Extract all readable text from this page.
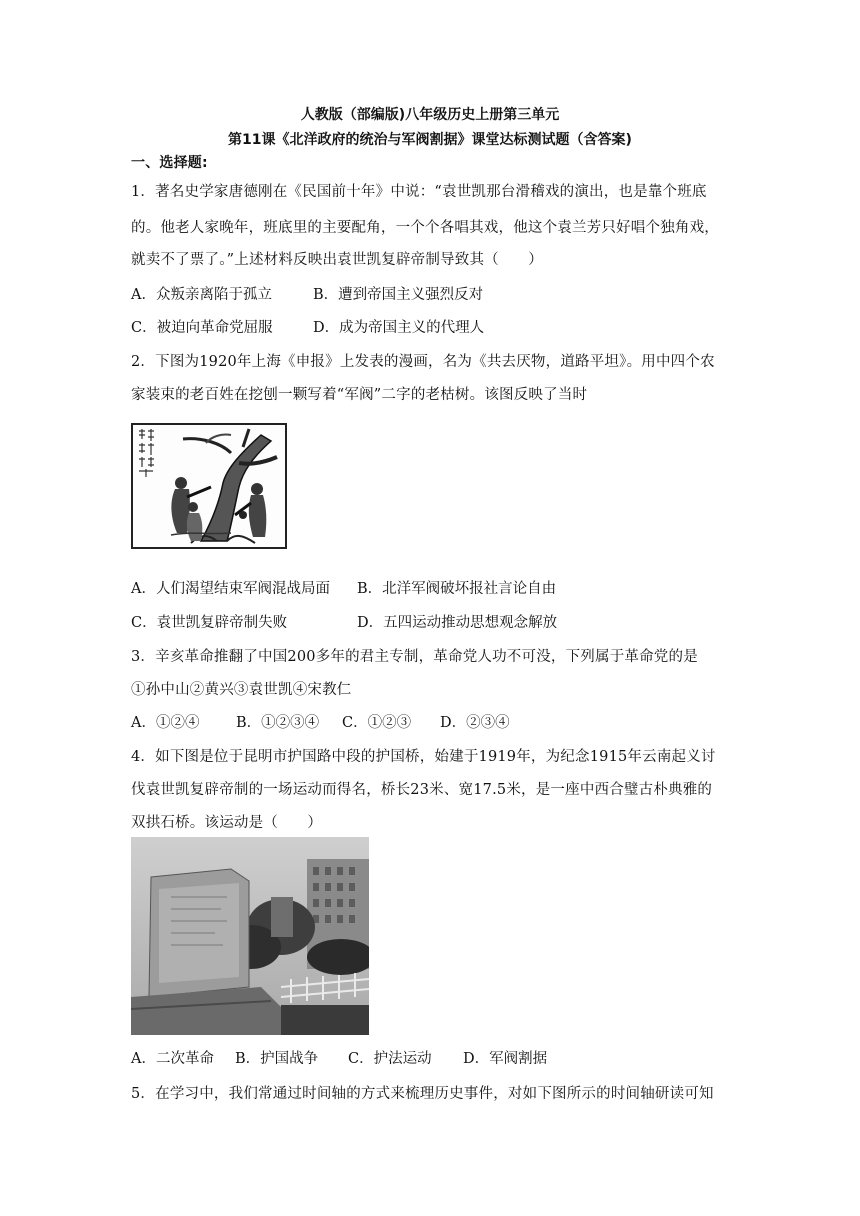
人教版（部编版)八年级历史上册第三单元
第11课《北洋政府的统治与军阀割据》课堂达标测试题（含答案)
一、选择题:
1．著名史学家唐德刚在《民国前十年》中说：“袁世凯那台滑稽戏的演出，也是靠个班底
的。他老人家晚年，班底里的主要配角，一个个各唱其戏，他这个袁兰芳只好唱个独角戏，
就卖不了票了。”上述材料反映出袁世凯复辟帝制导致其（　　）
A．众叛亲离陷于孤立	B．遭到帝国主义强烈反对
C．被迫向革命党屈服	D．成为帝国主义的代理人
2．下图为1920年上海《申报》上发表的漫画，名为《共去厌物，道路平坦》。用中四个农
家装束的老百姓在挖刨一颗写着“军阀”二字的老枯树。该图反映了当时
A．人们渴望结束军阀混战局面 B．北洋军阀破坏报社言论自由
C．袁世凯复辟帝制失败	D．五四运动推动思想观念解放
3．辛亥革命推翻了中国200多年的君主专制，革命党人功不可没，下列属于革命党的是
①孙中山②黄兴③袁世凯④宋教仁
A．①②④	B．①②③④ C．①②③ D．②③④
4．如下图是位于昆明市护国路中段的护国桥，始建于1919年，为纪念1915年云南起义讨
伐袁世凯复辟帝制的一场运动而得名，桥长23米、宽17.5米，是一座中西合璧古朴典雅的
双拱石桥。该运动是（　　）
A．二次革命 B．护国战争 C．护法运动 D．军阀割据
5．在学习中，我们常通过时间轴的方式来梳理历史事件，对如下图所示的时间轴研读可知
